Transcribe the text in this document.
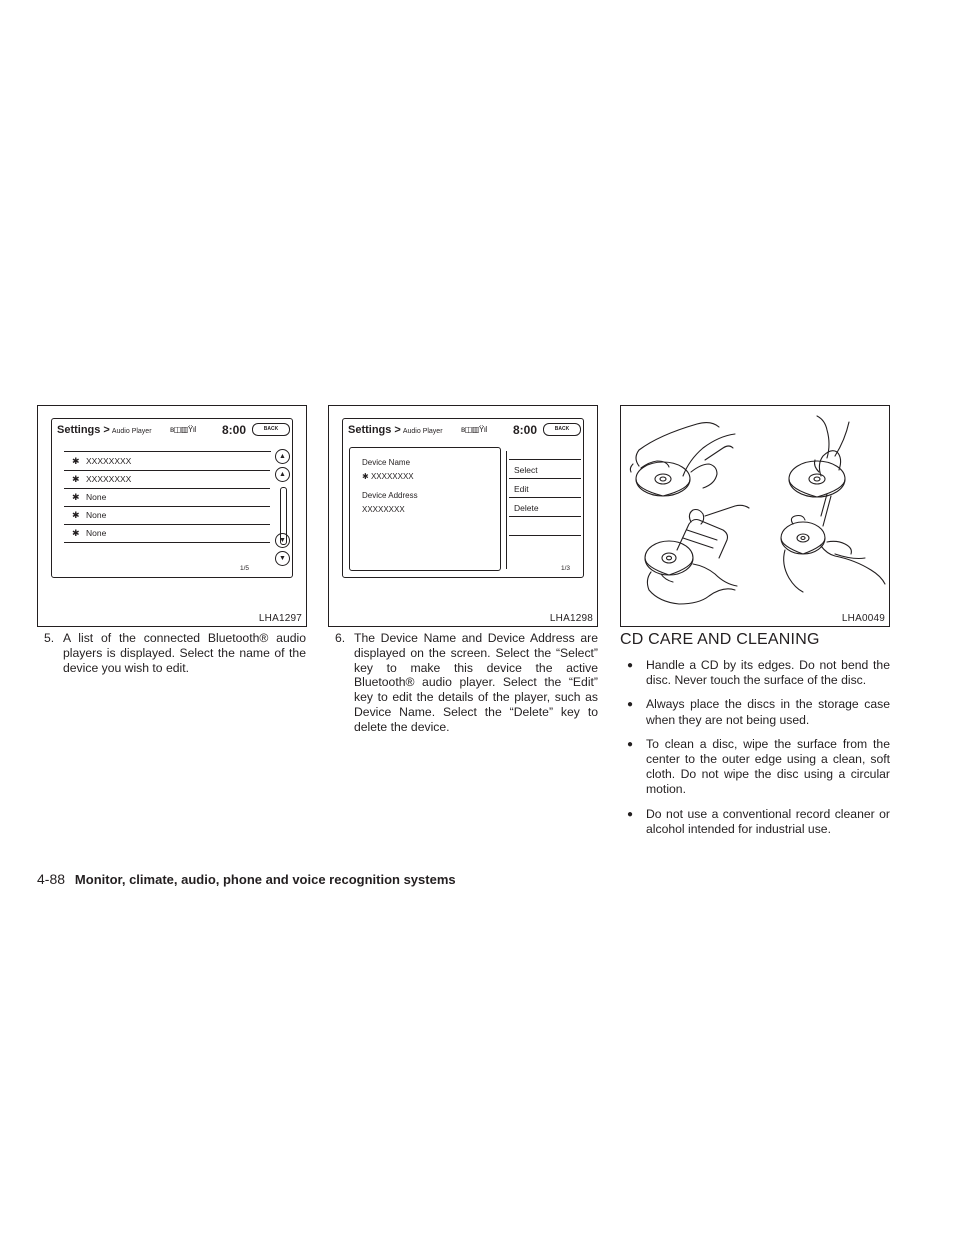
Settings > Audio Player ʙ◫▥Ÿıl 8:00	BACK
✱ XXXXXXXX
✱ XXXXXXXX
✱ None
✱ None
✱ None
▲
▲
▼
▼
1/5
LHA1297
Settings > Audio Player ʙ◫▥Ÿıl 8:00	BACK
Device Name
✱ XXXXXXXX
Device Address
XXXXXXXX
Select
Edit
Delete
1/3
LHA1298	LHA0049
5. A list of the connected Bluetooth® audio players is displayed. Select the name of the device you wish to edit.
6. The Device Name and Device Address are displayed on the screen. Select the “Select” key to make this device the active Bluetooth® audio player. Select the “Edit” key to edit the details of the player, such as Device Name. Select the “Delete” key to delete the device.
CD CARE AND CLEANING
● Handle a CD by its edges. Do not bend the disc. Never touch the surface of the disc.
● Always place the discs in the storage case when they are not being used.
● To clean a disc, wipe the surface from the center to the outer edge using a clean, soft cloth. Do not wipe the disc using a circular motion.
● Do not use a conventional record cleaner or alcohol intended for industrial use.
4-88 Monitor, climate, audio, phone and voice recognition systems
